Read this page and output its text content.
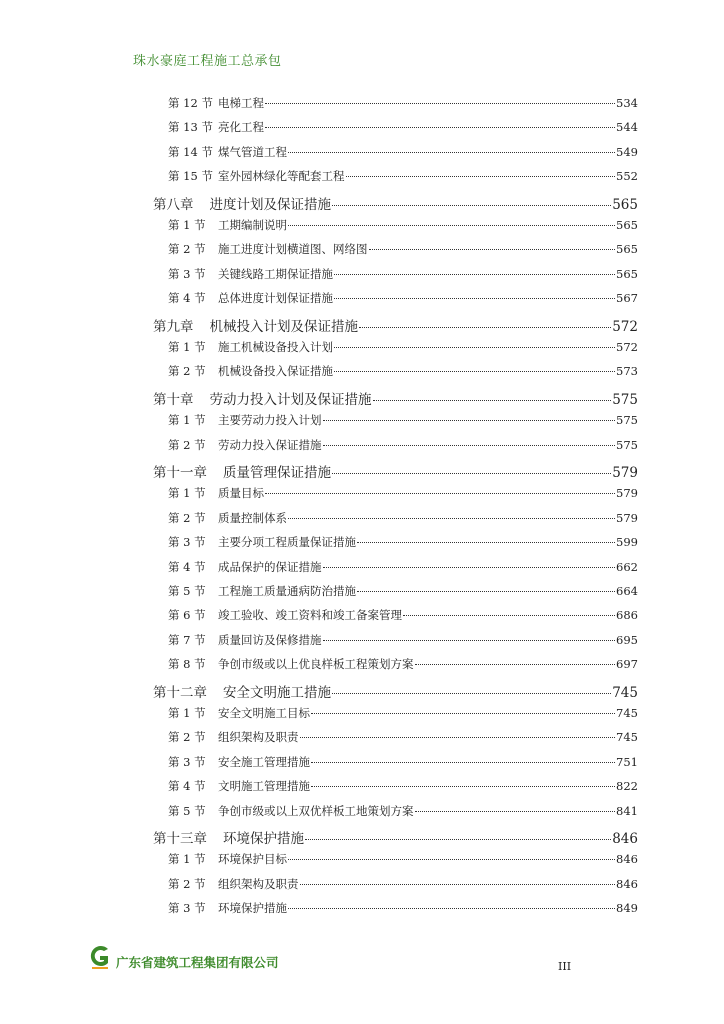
珠水豪庭工程施工总承包
第 12 节 电梯工程	534
第 13 节 亮化工程	544
第 14 节 煤气管道工程	549
第 15 节 室外园林绿化等配套工程	552
第八章 进度计划及保证措施	565
第 1 节	工期编制说明	565
第 2 节	施工进度计划横道图、网络图	565
第 3 节	关键线路工期保证措施	565
第 4 节	总体进度计划保证措施	567
第九章 机械投入计划及保证措施	572
第 1 节	施工机械设备投入计划	572
第 2 节	机械设备投入保证措施	573
第十章 劳动力投入计划及保证措施	575
第 1 节	主要劳动力投入计划	575
第 2 节	劳动力投入保证措施	575
第十一章 质量管理保证措施	579
第 1 节	质量目标	579
第 2 节	质量控制体系	579
第 3 节	主要分项工程质量保证措施	599
第 4 节	成品保护的保证措施	662
第 5 节	工程施工质量通病防治措施	664
第 6 节	竣工验收、竣工资料和竣工备案管理	686
第 7 节	质量回访及保修措施	695
第 8 节	争创市级或以上优良样板工程策划方案	697
第十二章 安全文明施工措施	745
第 1 节	安全文明施工目标	745
第 2 节	组织架构及职责	745
第 3 节	安全施工管理措施	751
第 4 节	文明施工管理措施	822
第 5 节	争创市级或以上双优样板工地策划方案	841
第十三章 环境保护措施	846
第 1 节	环境保护目标	846
第 2 节	组织架构及职责	846
第 3 节	环境保护措施	849
广东省建筑工程集团有限公司	III
